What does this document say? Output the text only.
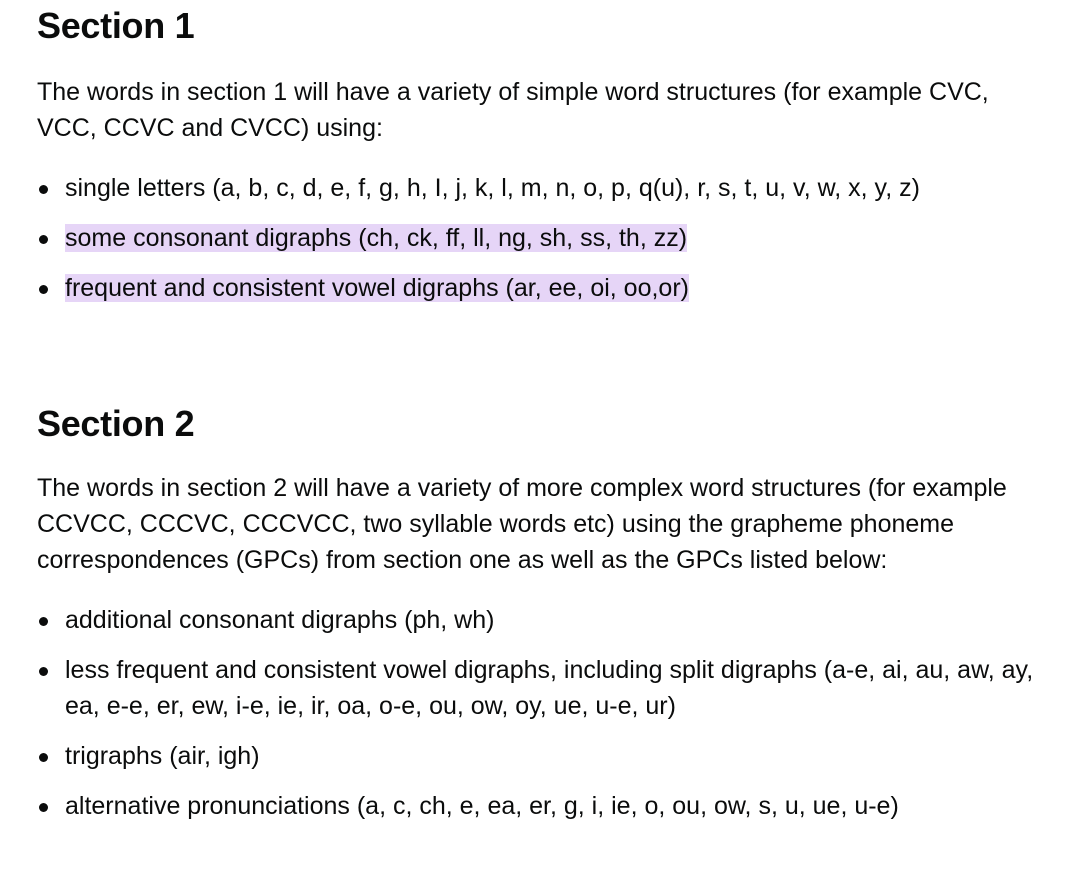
Section 1

The words in section 1 will have a variety of simple word structures (for example CVC, VCC, CCVC and CVCC) using:

single letters (a, b, c, d, e, f, g, h, I, j, k, l, m, n, o, p, q(u), r, s, t, u, v, w, x, y, z)
some consonant digraphs (ch, ck, ff, ll, ng, sh, ss, th, zz)
frequent and consistent vowel digraphs (ar, ee, oi, oo,or)
Section 2

The words in section 2 will have a variety of more complex word structures (for example CCVCC, CCCVC, CCCVCC, two syllable words etc) using the grapheme phoneme correspondences (GPCs) from section one as well as the GPCs listed below:

additional consonant digraphs (ph, wh)
less frequent and consistent vowel digraphs, including split digraphs (a-e, ai, au, aw, ay, ea, e-e, er, ew, i-e, ie, ir, oa, o-e, ou, ow, oy, ue, u-e, ur)
trigraphs (air, igh)
alternative pronunciations (a, c, ch, e, ea, er, g, i, ie, o, ou, ow, s, u, ue, u-e)
